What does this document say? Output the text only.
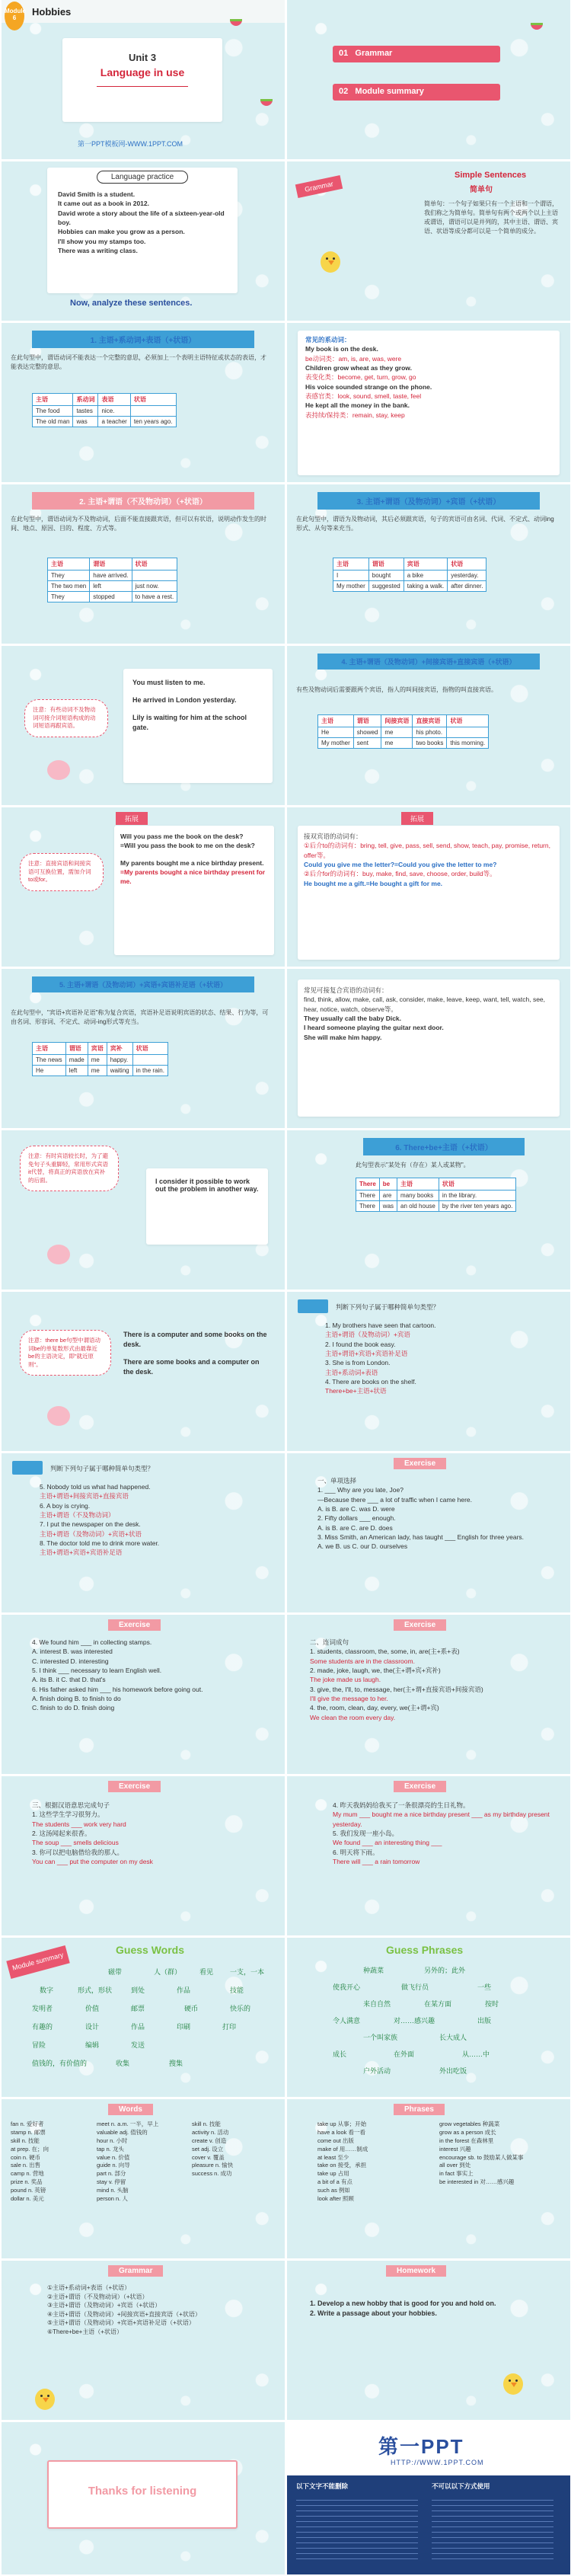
Module 6
Hobbies
Unit 3
Language in use
第一PPT模板网-WWW.1PPT.COM
01 Grammar
02 Module summary
Language practice

David Smith is a student.

It came out as a book in 2012.

David wrote a story about the life of a sixteen-year-old boy.

Hobbies can make you grow as a person.

I'll show you my stamps too.

There was a writing class.

Now, analyze these sentences.
Grammar
Simple Sentences
简单句
简单句：一个句子如果只有一个主语和一个谓语，我们称之为简单句。简单句有两个或两个以上主语或谓语，谓语可以是并列的，其中主语、谓语、宾语、状语等成分都可以是一个简单的成分。
1. 主语+系动词+表语（+状语）
在此句型中，谓语动词不能表达一个完整的意思，必须加上一个表明主语特征或状态的表语，才能表达完整的意思。
主语	系动词	表语	状语
The food	tastes	nice.	
The old man	was	a teacher	ten years ago.

常见的系动词：

My book is on the desk.

be动词类：am, is, are, was, were

Children grow wheat as they grow.

表变化类：become, get, turn, grow, go

His voice sounded strange on the phone.

表感官类：look, sound, smell, taste, feel

He kept all the money in the bank.

表持续/保持类：remain, stay, keep

2. 主语+谓语（不及物动词）（+状语）
在此句型中，谓语动词为不及物动词，后面不能直接跟宾语，但可以有状语，说明动作发生的时间、地点、原因、目的、程度、方式等。
主语	谓语	状语
They	have arrived.	
The two men	left	just now.
They	stopped	to have a rest.
3. 主语+谓语（及物动词）+宾语（+状语）
在此句型中，谓语为及物动词，其后必须跟宾语，句子的宾语可由名词、代词、不定式、动词ing形式、从句等来充当。
主语	谓语	宾语	状语
I	bought	a bike	yesterday.
My mother	suggested	taking a walk.	after dinner.
注意：有些动词不及物动词可接介词短语构成的动词短语再跟宾语。

You must listen to me.

He arrived in London yesterday.

Lily is waiting for him at the school gate.

4. 主语+谓语（及物动词）+间接宾语+直接宾语（+状语）
有些及物动词后需要跟两个宾语，指人的叫间接宾语，指物的叫直接宾语。
主语	谓语	间接宾语	直接宾语	状语
He	showed	me	his photo.	
My mother	sent	me	two books	this morning.
拓展
注意：直接宾语和间接宾语可互换位置，需加介词to或for。

Will you pass me the book on the desk?

=Will you pass the book to me on the desk?

My parents bought me a nice birthday present.

=My parents bought a nice birthday present for me.

拓展

接双宾语的动词有：

①后介to的动词有：bring, tell, give, pass, sell, send, show, teach, pay, promise, return, offer等。

Could you give me the letter?=Could you give the letter to me?

②后介for的动词有：buy, make, find, save, choose, order, build等。

He bought me a gift.=He bought a gift for me.

5. 主语+谓语（及物动词）+宾语+宾语补足语（+状语）
在此句型中，"宾语+宾语补足语"称为复合宾语，宾语补足语说明宾语的状态、结果、行为等，可由名词、形容词、不定式、动词-ing形式等充当。
主语	谓语	宾语	宾补	状语
The news	made	me	happy.	
He	left	me	waiting	in the rain.

常见可接复合宾语的动词有：

find, think, allow, make, call, ask, consider, make, leave, keep, want, tell, watch, see, hear, notice, watch, observe等。

They usually call the baby Dick.

I heard someone playing the guitar next door.

She will make him happy.

注意：有时宾语较长时，为了避免句子头重脚轻，常用形式宾语it代替，将真正的宾语放在宾补的后面。	I consider it possible to work out the problem in another way.
6. There+be+主语（+状语）
此句型表示"某处有（存在）某人或某物"。
There	be	主语	状语
There	are	many books	in the library.
There	was	an old house	by the river ten years ago.
注意：there be句型中谓语动词be的单复数形式由最靠近be的主语决定，即"就近原则"。

There is a computer and some books on the desk.

There are some books and a computer on the desk.

判断下列句子属于哪种简单句类型？

1. My brothers have seen that cartoon.

主语+谓语（及物动词）+宾语

2. I found the book easy.

主语+谓语+宾语+宾语补足语

3. She is from London.

主语+系动词+表语

4. There are books on the shelf.

There+be+主语+状语

判断下列句子属于哪种简单句类型？

5. Nobody told us what had happened.

主语+谓语+间接宾语+直接宾语

6. A boy is crying.

主语+谓语（不及物动词）

7. I put the newspaper on the desk.

主语+谓语（及物动词）+宾语+状语

8. The doctor told me to drink more water.

主语+谓语+宾语+宾语补足语

Exercise

一、单项选择

1. ___ Why are you late, Joe?

—Because there ___ a lot of traffic when I came here.

A. is B. are C. was D. were

2. Fifty dollars ___ enough.

A. is B. are C. are D. does

3. Miss Smith, an American lady, has taught ___ English for three years.

A. we B. us C. our D. ourselves

Exercise

4. We found him ___ in collecting stamps.

A. interest B. was interested

C. interested D. interesting

5. I think ___ necessary to learn English well.

A. its B. it C. that D. that's

6. His father asked him ___ his homework before going out.

A. finish doing B. to finish to do

C. finish to do D. finish doing

Exercise

二、连词成句

1. students, classroom, the, some, in, are(主+系+表)

Some students are in the classroom.

2. made, joke, laugh, we, the(主+谓+宾+宾补)

The joke made us laugh.

3. give, the, I'll, to, message, her(主+谓+直接宾语+间接宾语)

I'll give the message to her.

4. the, room, clean, day, every, we(主+谓+宾)

We clean the room every day.

Exercise

三、根据汉语意思完成句子

1. 这些学生学习很努力。

The students ___ work very hard

2. 这汤闻起来很香。

The soup ___ smells delicious

3. 你可以把电脑借给我的那人。

You can ___ put the computer on my desk

Exercise

4. 昨天我妈妈给我买了一条很漂亮的生日礼物。

My mum ___ bought me a nice birthday present ___ as my birthday present yesterday.

5. 我们发现一座小岛。

We found ___ an interesting thing ___

6. 明天将下雨。

There will ___ a rain tomorrow

Module summary
Guess Words
磁带	人（群）	看见 一支，一本
数字	形式，形状	到处	作品	技能
发明者	价值	邮票	硬币	快乐的
有趣的	设计	作品	印刷	打印
冒险	编辑	发送
值钱的，有价值的	收集	搜集
Guess Phrases
种蔬菜	另外的；此外
使我开心	做飞行员	一些
来自自然	在某方面	按时
令人满意	对……感兴趣	出版
一个叫家族	长大成人
成长	在外面	从……中
户外活动	外出吃饭
Words

fan n. 爱好者

stamp n. 邮票

skill n. 技能

at prep. 在；向

coin n. 硬币

sale n. 出售

camp n. 营地

prize n. 奖品

pound n. 英镑

dollar n. 美元

meet n. a.m. 一半，早上

valuable adj. 值钱的

hour n. 小时

tap n. 龙头

value n. 价值

guide n. 向导

part n. 部分

stay v. 停留

mind n. 头脑

person n. 人

skill n. 技能

activity n. 活动

create v. 创造

set adj. 设立

cover v. 覆盖

pleasure n. 愉快

success n. 成功

Phrases

take up 从事；开始

have a look 看一看

come out 出版

make of 用……制成

at least 至少

take on 接受，承担

take up 占用

a bit of a 有点

such as 例如

look after 照顾

grow vegetables 种蔬菜

grow as a person 成长

in the forest 在森林里

interest 兴趣

encourage sb. to 鼓励某人做某事

all over 到处

in fact 事实上

be interested in 对……感兴趣

Grammar

①主语+系动词+表语（+状语）

②主语+谓语（不及物动词）（+状语）

③主语+谓语（及物动词）+宾语（+状语）

④主语+谓语（及物动词）+间接宾语+直接宾语（+状语）

⑤主语+谓语（及物动词）+宾语+宾语补足语（+状语）

⑥There+be+主语（+状语）

Homework

1. Develop a new hobby that is good for you and hold on.

2. Write a passage about your hobbies.

Thanks for listening
第一PPT
HTTP://WWW.1PPT.COM
以下文字不能删除	不可以以下方式使用
